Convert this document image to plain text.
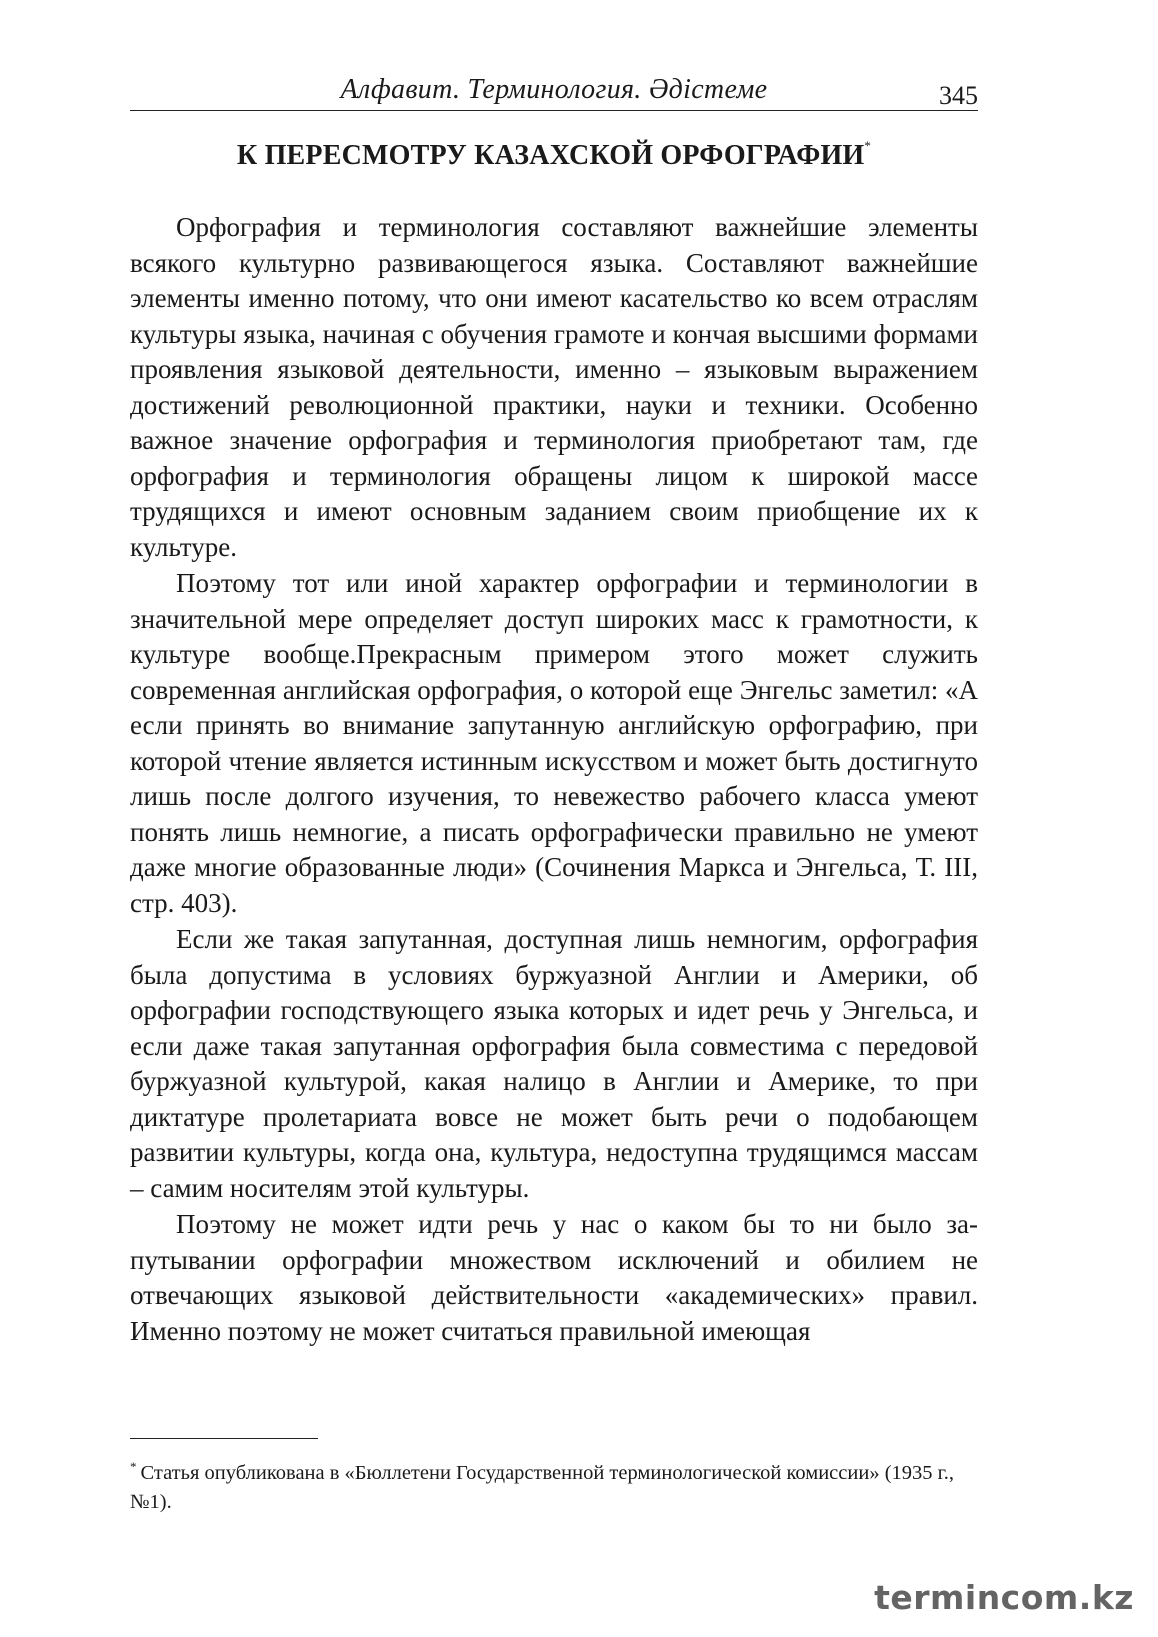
Алфавит. Терминология. Әдістеме	345
К ПЕРЕСМОТРУ КАЗАХСКОЙ ОРФОГРАФИИ*

Орфография и терминология составляют важнейшие элементы всякого культурно развивающегося языка. Составляют важнейшие элементы именно потому, что они имеют касательство ко всем отраслям культуры языка, начиная с обучения грамоте и кончая высшими формами проявления языковой деятельности, именно – языковым выражением достижений революционной практики, науки и техники. Особенно важное значение орфография и терминология приобретают там, где орфография и терминология обращены лицом к широкой массе трудящихся и имеют основным заданием своим приобщение их к культуре.

Поэтому тот или иной характер орфографии и терминологии в значительной мере определяет доступ широких масс к грамотности, к культуре вообще.Прекрасным примером этого может служить современная английская орфография, о которой еще Энгельс заметил: «А если принять во внимание запутанную английскую орфографию, при которой чтение является истинным искусством и может быть достигнуто лишь после долгого изучения, то невежество рабочего класса умеют понять лишь немногие, а писать орфографически правильно не умеют даже многие образованные люди» (Сочинения Маркса и Энгельса, Т. III, стр. 403).

Если же такая запутанная, доступная лишь немногим, орфография была допустима в условиях буржуазной Англии и Америки, об орфографии господствующего языка которых и идет речь у Энгельса, и если даже такая запутанная орфография была совместима с передовой буржуазной культурой, какая налицо в Англии и Америке, то при диктатуре пролетариата вовсе не может быть речи о подобающем развитии культуры, когда она, культура, недоступна трудящимся массам – самим носителям этой культуры.

Поэтому не может идти речь у нас о каком бы то ни было запутывании орфографии множеством исключений и обилием не отвечающих языковой действительности «академических» правил. Именно поэтому не может считаться правильной имеющая

* Статья опубликована в «Бюллетени Государственной терминологической комиссии» (1935 г., №1).
termincom.kz
